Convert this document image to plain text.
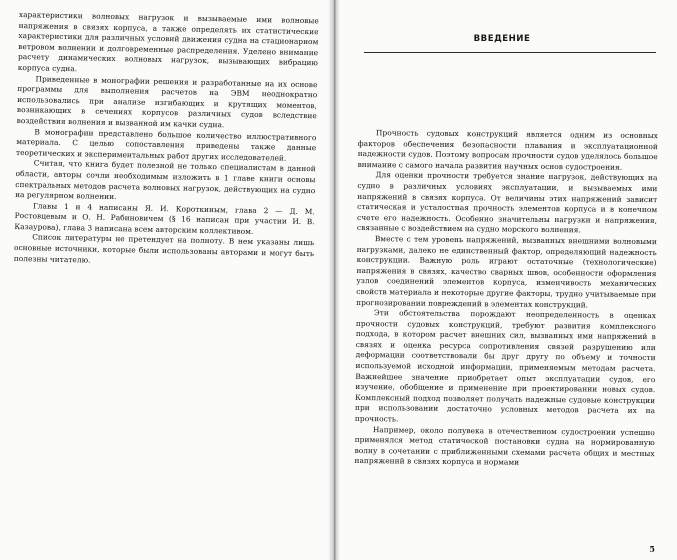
характеристики волновых нагрузок и вызываемые ими волновые напряжения в связях корпуса, а также определять их статистические характеристики для различных условий движения судна на стационарном ветровом волнении и долговременные распределения. Уделено внимание расчету динамических волновых нагрузок, вызывающих вибрацию корпуса судна.

Приведенные в монографии решения и разработанные на их основе программы для выполнения расчетов на ЭВМ неоднократно использовались при анализе изгибающих и крутящих моментов, возникающих в сечениях корпусов различных судов вследствие воздействия волнения и вызванной им качки судна.

В монографии представлено большое количество иллюстративного материала. С целью сопоставления приведены также данные теоретических и экспериментальных работ других исследователей.

Считая, что книга будет полезной не только специалистам в данной области, авторы сочли необходимым изложить в 1 главе книги основы спектральных методов расчета волновых нагрузок, действующих на судно на регулярном волнении.

Главы 1 и 4 написаны Я. И. Короткиным, глава 2 — Д. М. Ростовцевым и О. Н. Рабиновичем (§ 16 написан при участии И. В. Казаурова), глава 3 написана всем авторским коллективом.

Список литературы не претендует на полноту. В нем указаны лишь основные источники, которые были использованы авторами и могут быть полезны читателю.

ВВЕДЕНИЕ

Прочность судовых конструкций является одним из основных факторов обеспечения безопасности плавания и эксплуатационной надежности судов. Поэтому вопросам прочности судов уделялось большое внимание с самого начала развития научных основ судостроения.

Для оценки прочности требуется знание нагрузок, действующих на судно в различных условиях эксплуатации, и вызываемых ими напряжений в связях корпуса. От величины этих напряжений зависит статическая и усталостная прочность элементов корпуса и в конечном счете его надежность. Особенно значительны нагрузки и напряжения, связанные с воздействием на судно морского волнения.

Вместе с тем уровень напряжений, вызванных внешними волновыми нагрузками, далеко не единственный фактор, определяющий надежность конструкции. Важную роль играют остаточные (технологические) напряжения в связях, качество сварных швов, особенности оформления узлов соединений элементов корпуса, изменчивость механических свойств материала и некоторые другие факторы, трудно учитываемые при прогнозировании повреждений в элементах конструкций.

Эти обстоятельства порождают неопределенность в оценках прочности судовых конструкций, требуют развития комплексного подхода, в котором расчет внешних сил, вызванных ими напряжений в связях и оценка ресурса сопротивления связей разрушению или деформации соответствовали бы друг другу по объему и точности используемой исходной информации, применяемым методам расчета. Важнейшее значение приобретает опыт эксплуатации судов, его изучение, обобщение и применение при проектировании новых судов. Комплексный подход позволяет получать надежные судовые конструкции при использовании достаточно условных методов расчета их на прочность.

Например, около полувека в отечественном судостроении успешно применялся метод статической постановки судна на нормированную волну в сочетании с приближенными схемами расчета общих и местных напряжений в связях корпуса и нормами

5
